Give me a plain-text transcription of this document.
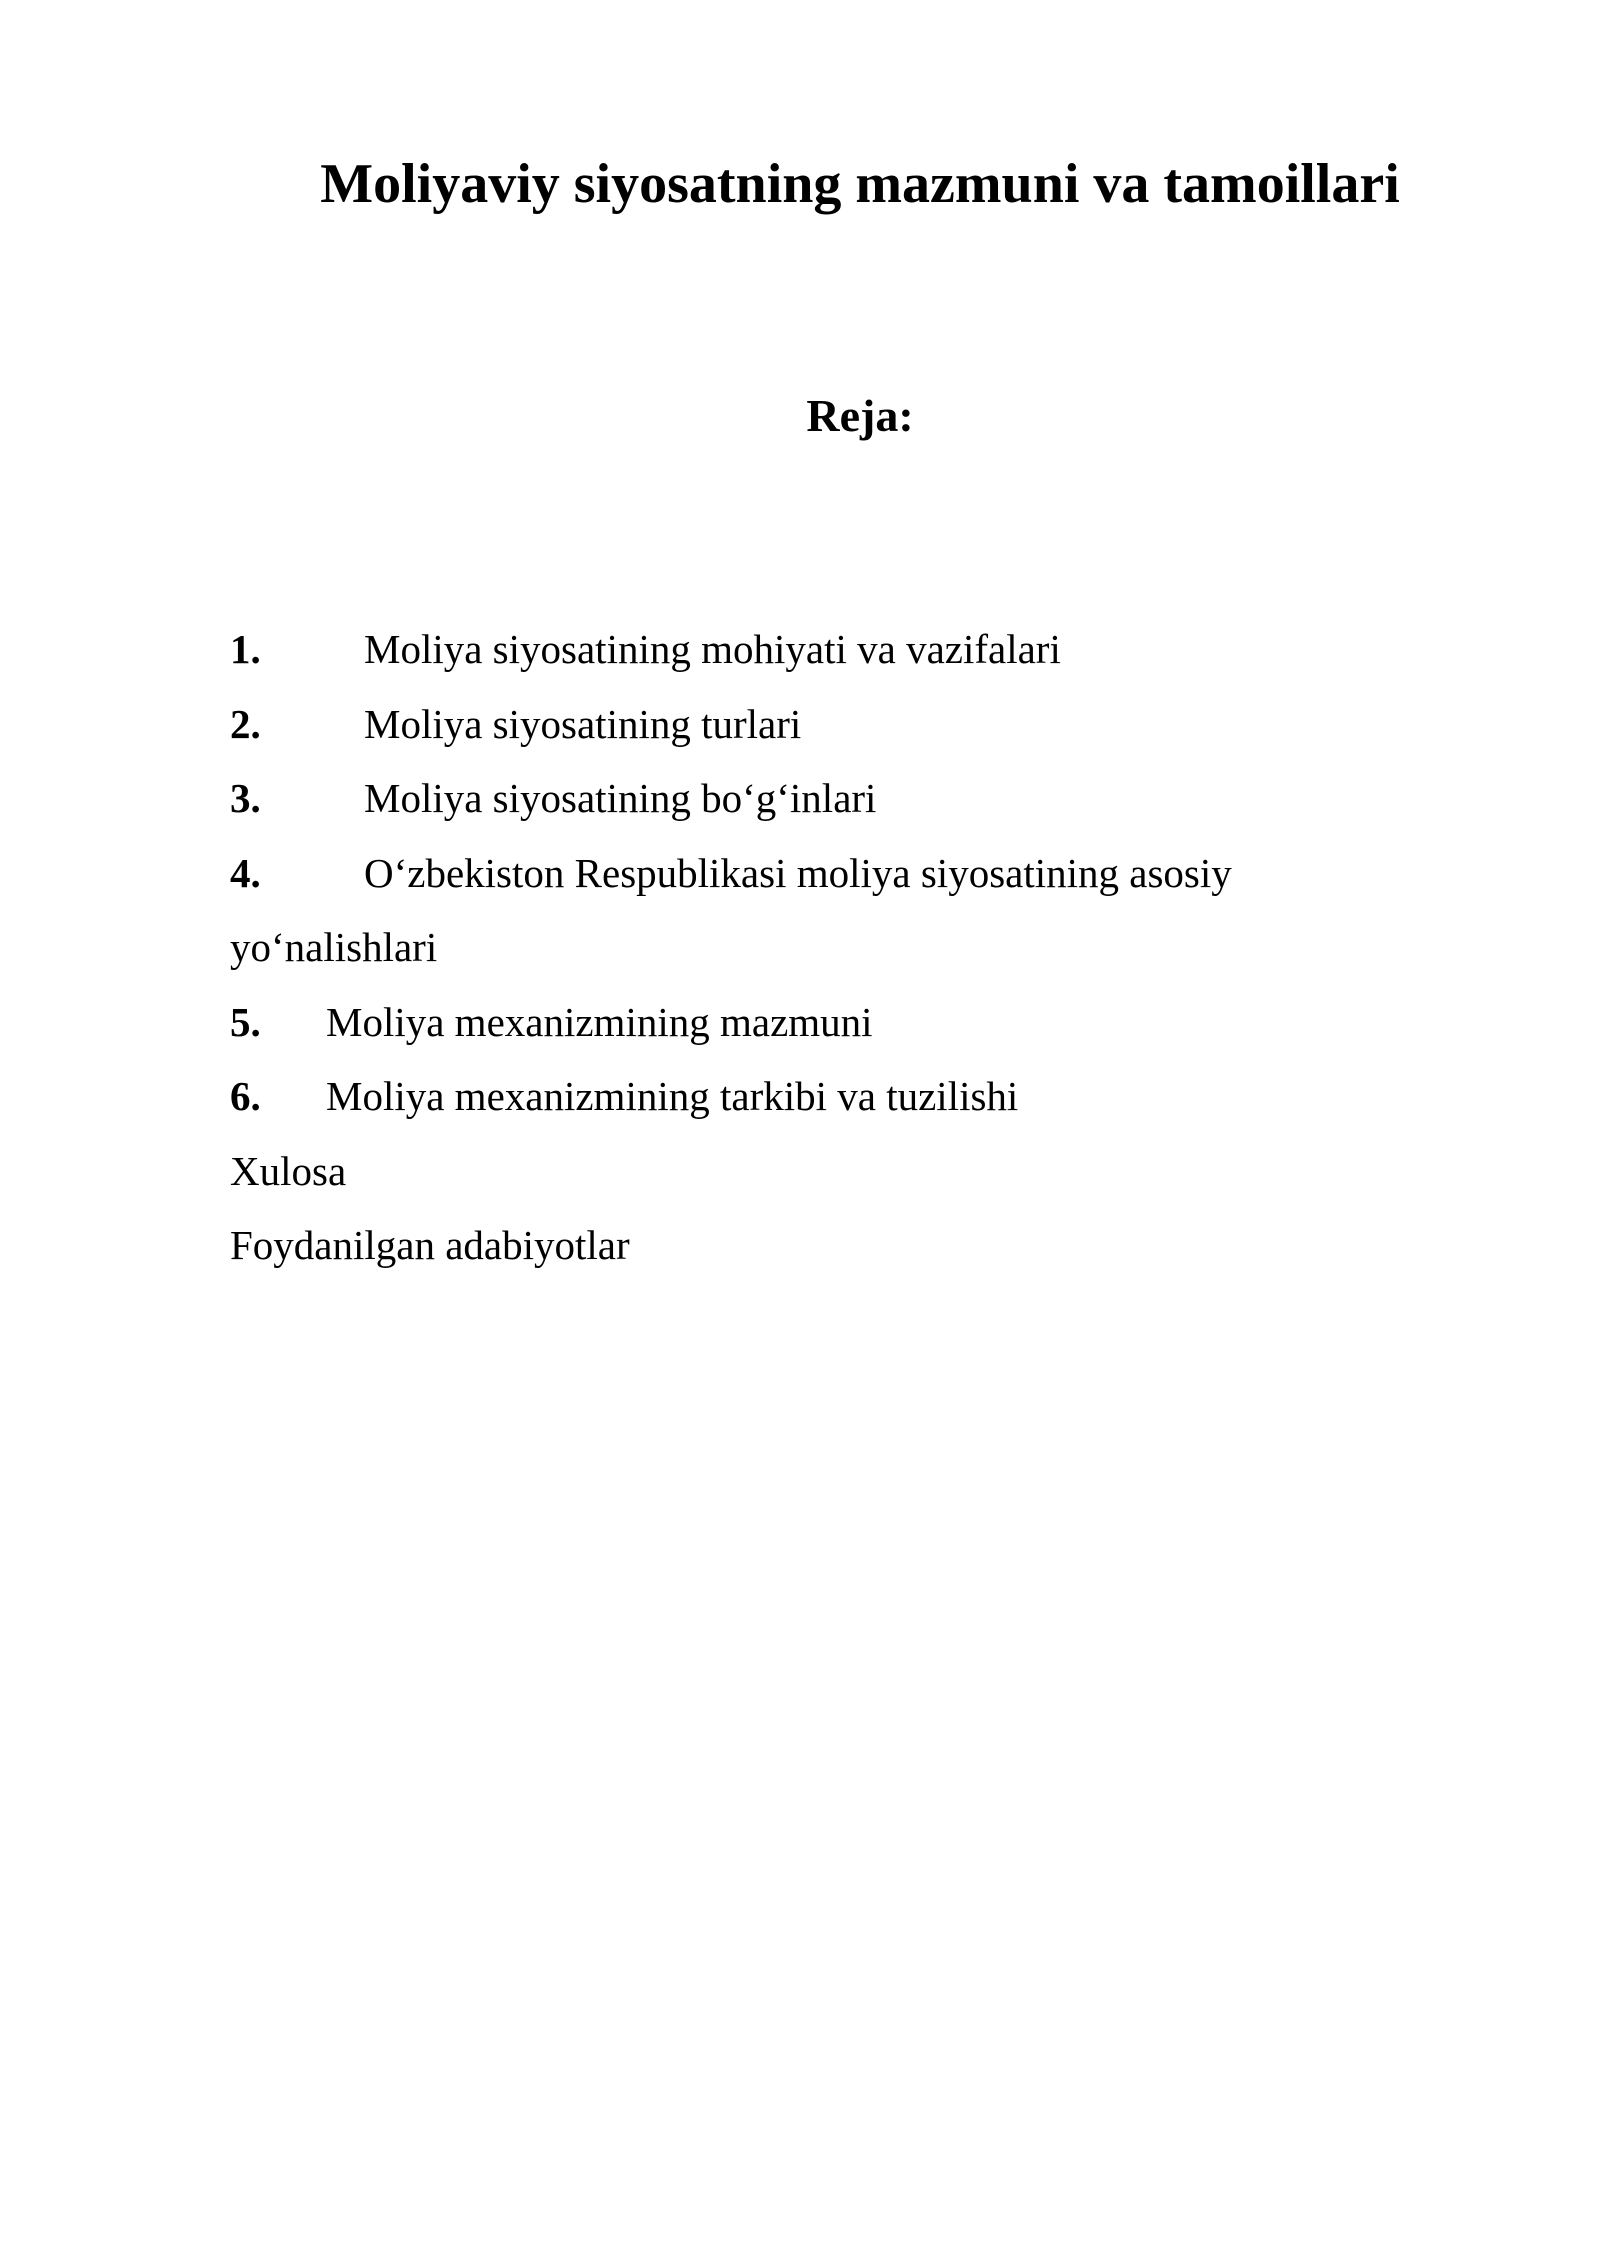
Moliyaviy siyosatning mazmuni va tamoillari
Reja:
1.	Moliya siyosatining mohiyati va vazifalari
2.	Moliya siyosatining turlari
3.	Moliya siyosatining bo‘g‘inlari
4.	O‘zbekiston Respublikasi moliya siyosatining asosiy
yo‘nalishlari
5. Moliya mexanizmining mazmuni
6. Moliya mexanizmining tarkibi va tuzilishi
Xulosa
Foydanilgan adabiyotlar
